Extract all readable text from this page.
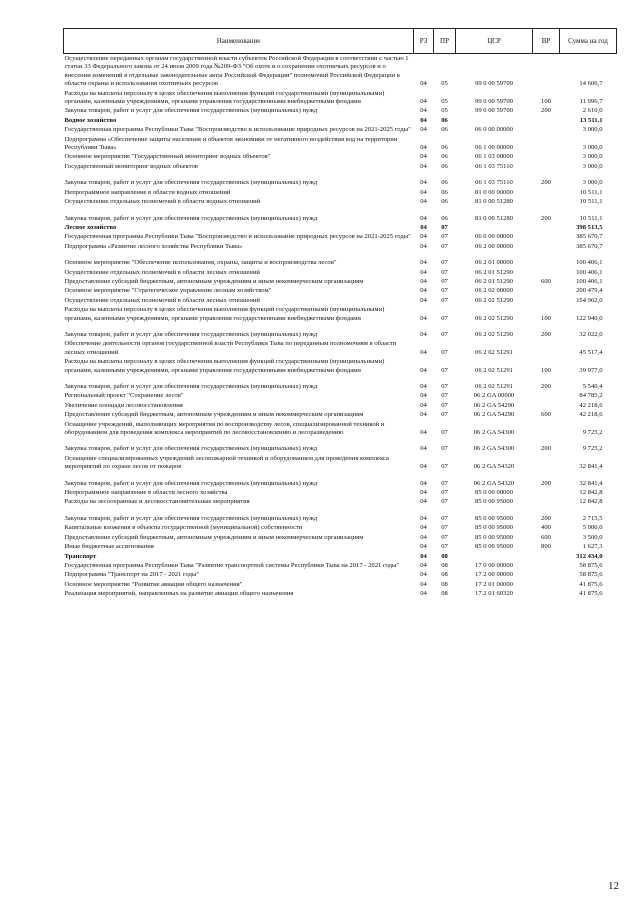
Наименование	РЗ	ПР	ЦСР	ВР	Сумма на год
Осуществление переданных органам государственной власти субъектов Российской Федерации в соответствии с частью 1 статьи 33 Федерального закона от 24 июля 2009 года №209-ФЗ "Об охоте и о сохранении охотничьих ресурсов и о внесении изменений в отдельные законодательные акты Российской Федерации" полномочий Российской Федерации в области охраны и использования охотничьих ресурсов	04	05	99 0 00 59700		14 606,7
Расходы на выплаты персоналу в целях обеспечения выполнения функций государственными (муниципальными) органами, казенными учреждениями, органами управления государственными внебюджетными фондами	04	05	99 0 00 59700	100	11 996,7
Закупка товаров, работ и услуг для обеспечения государственных (муниципальных) нужд	04	05	99 0 00 59700	200	2 610,0
Водное хозяйство	04	06			13 511,1
Государственная программа Республики Тыва "Воспроизводство и использование природных ресурсов на 2021-2025 годы"	04	06	06 0 00 00000		3 000,0
Подпрограмма «Обеспечение защиты населения и объектов экономики от негативного воздействия вод на территории Республики Тыва»	04	06	06 1 00 00000		3 000,0
Основное мероприятие "Государственный мониторинг водных объектов"	04	06	06 1 03 00000		3 000,0
Государственный мониторинг водных объектов	04	06	06 1 03 75110		3 000,0
Закупка товаров, работ и услуг для обеспечения государственных (муниципальных) нужд	04	06	06 1 03 75110	200	3 000,0
Непрограммное направление в области водных отношений	04	06	81 0 00 00000		10 511,1
Осуществление отдельных полномочий в области водных отношений	04	06	81 0 00 51280		10 511,1
Закупка товаров, работ и услуг для обеспечения государственных (муниципальных) нужд	04	06	81 0 00 51280	200	10 511,1
Лесное хозяйство	04	07			398 513,5
Государственная программа Республики Тыва "Воспроизводство и использование природных ресурсов на 2021-2025 годы"	04	07	06 0 00 00000		385 670,7
Подпрограмма «Развитие лесного хозяйства Республики Тыва»	04	07	06 2 00 00000		385 670,7
Основное мероприятие "Обеспечение использования, охраны, защиты и воспроизводства лесов"	04	07	06 2 01 00000		100 406,1
Осуществление отдельных полномочий в области лесных отношений	04	07	06 2 01 51290		100 406,1
Предоставление субсидий бюджетным, автономным учреждениям и иным некоммерческим организациям	04	07	06 2 01 51290	600	100 406,1
Основное мероприятие "Стратегическое управление лесным хозяйством"	04	07	06 2 02 00000		200 479,4
Осуществление отдельных полномочий в области лесных отношений	04	07	06 2 02 51290		154 962,0
Расходы на выплаты персоналу в целях обеспечения выполнения функций государственными (муниципальными) органами, казенными учреждениями, органами управления государственными внебюджетными фондами	04	07	06 2 02 51290	100	122 940,0
Закупка товаров, работ и услуг для обеспечения государственных (муниципальных) нужд	04	07	06 2 02 51290	200	32 022,0
Обеспечение деятельности органов государственной власти Республики Тыва по переданным полномочиям в области лесных отношений	04	07	06 2 02 51291		45 517,4
Расходы на выплаты персоналу в целях обеспечения выполнения функций государственными (муниципальными) органами, казенными учреждениями, органами управления государственными внебюджетными фондами	04	07	06 2 02 51291	100	39 977,0
Закупка товаров, работ и услуг для обеспечения государственных (муниципальных) нужд	04	07	06 2 02 51291	200	5 540,4
Региональный проект "Сохранение лесов"	04	07	06 2 GA 00000		84 785,2
Увеличение площади лесовосстановления	04	07	06 2 GA 54290		42 218,6
Предоставление субсидий бюджетным, автономным учреждениям и иным некоммерческим организациям	04	07	06 2 GA 54290	600	42 218,6
Оснащение учреждений, выполняющих мероприятия по воспроизводству лесов, специализированной техникой и оборудованием для проведения комплекса мероприятий по лесовосстановлению и лесоразведению	04	07	06 2 GA 54300		9 725,2
Закупка товаров, работ и услуг для обеспечения государственных (муниципальных) нужд	04	07	06 2 GA 54300	200	9 725,2
Оснащение специализированных учреждений лесопожарной техникой и оборудованием для проведения комплекса мероприятий по охране лесов от пожаров	04	07	06 2 GA 54320		32 841,4
Закупка товаров, работ и услуг для обеспечения государственных (муниципальных) нужд	04	07	06 2 GA 54320	200	32 841,4
Непрограммное направление в области лесного хозяйства	04	07	85 0 00 00000		12 842,8
Расходы на лесоохранные и лесовосстановительные мероприятия	04	07	85 0 00 95000		12 842,8
Закупка товаров, работ и услуг для обеспечения государственных (муниципальных) нужд	04	07	85 0 00 95000	200	2 715,5
Капитальные вложения в объекты государственной (муниципальной) собственности	04	07	85 0 00 95000	400	5 000,0
Предоставление субсидий бюджетным, автономным учреждениям и иным некоммерческим организациям	04	07	85 0 00 95000	600	3 500,0
Иные бюджетные ассигнования	04	07	85 0 00 95000	800	1 627,3
Транспорт	04	08			312 434,0
Государственная программа Республики Тыва "Развитие транспортной системы Республики Тыва на 2017 - 2021 годы"	04	08	17 0 00 00000		58 875,6
Подпрограмма "Транспорт на 2017 - 2021 годы"	04	08	17 2 00 00000		58 875,6
Основное мероприятие "Развитие авиации общего назначения"	04	08	17 2 01 00000		41 875,6
Реализация мероприятий, направленных на развитие авиации общего назначения	04	08	17 2 01 60320		41 875,6
12
